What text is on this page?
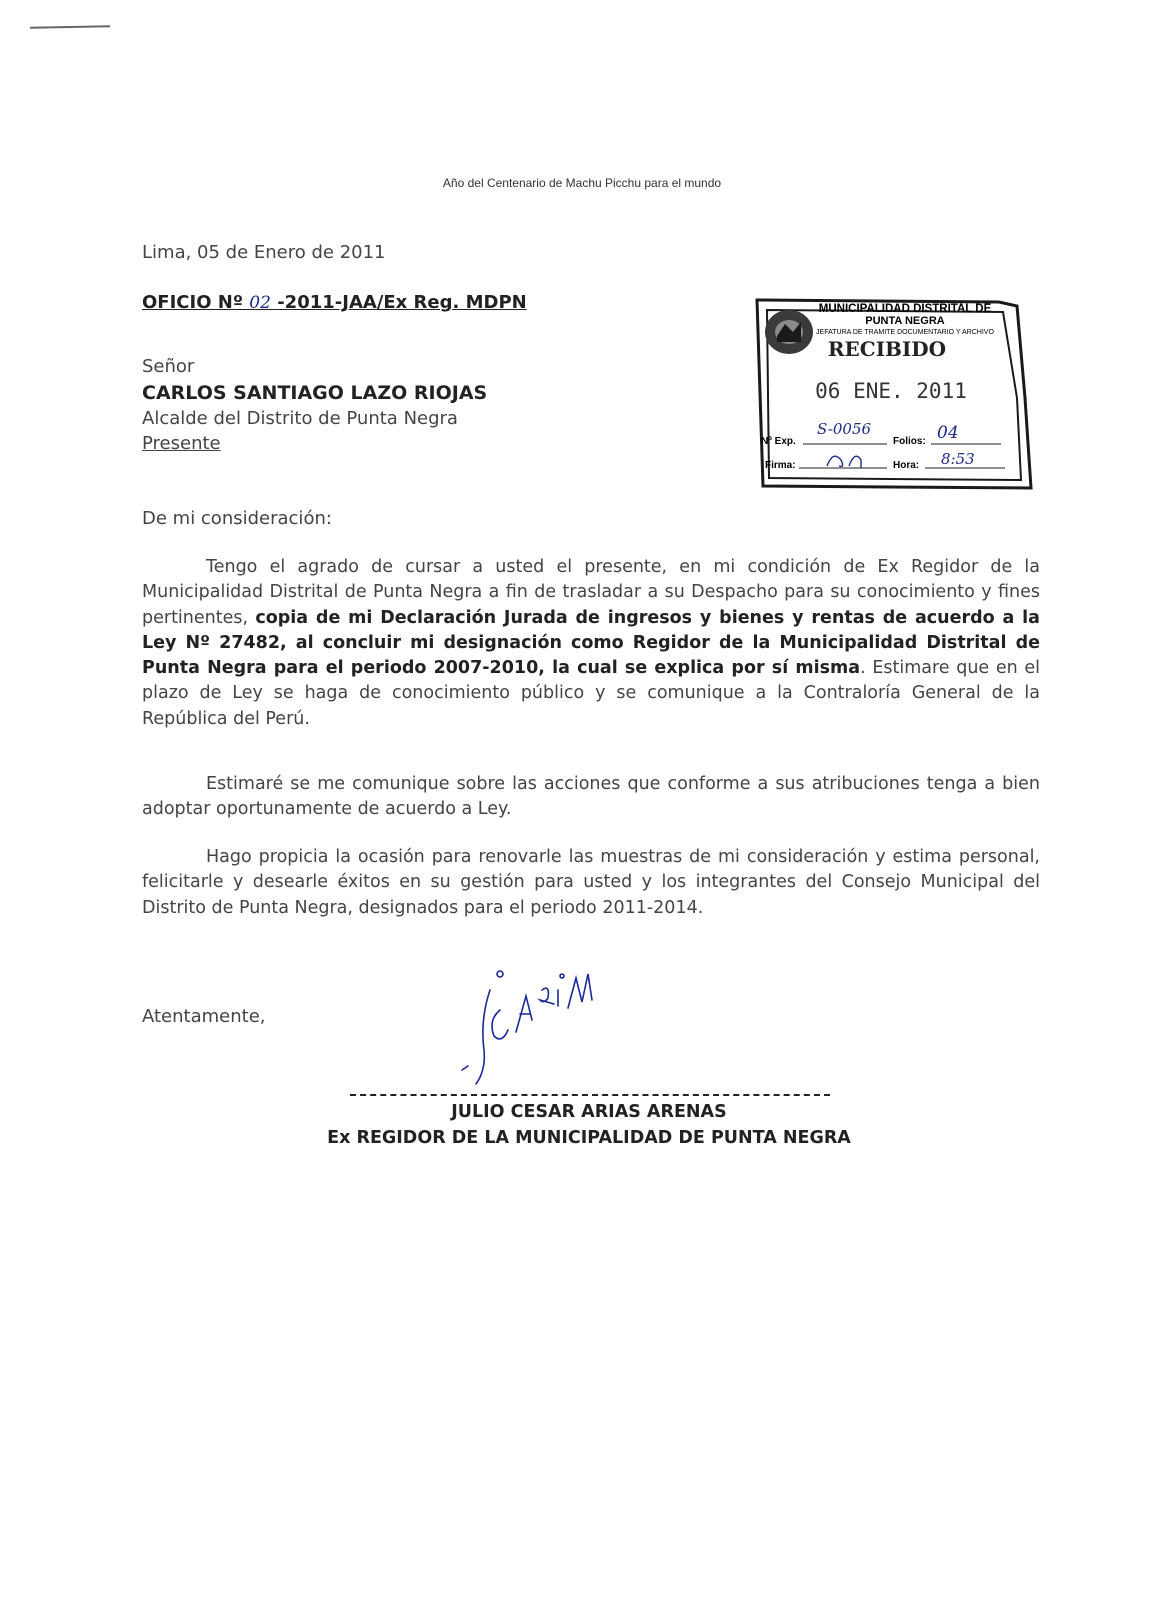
Año del Centenario de Machu Picchu para el mundo
Lima, 05 de Enero de 2011
OFICIO Nº 02 -2011-JAA/Ex Reg. MDPN	MUNICIPALIDAD DISTRITAL DE
PUNTA NEGRA
JEFATURA DE TRAMITE DOCUMENTARIO Y ARCHIVO
RECIBIDO
06 ENE. 2011
Nº Exp.
S-0056
Folios: 04
Firma:	Hora: 8:53
Señor
CARLOS SANTIAGO LAZO RIOJAS
Alcalde del Distrito de Punta Negra
Presente
De mi consideración:
Tengo el agrado de cursar a usted el presente, en mi condición de Ex Regidor de la Municipalidad Distrital de Punta Negra a fin de trasladar a su Despacho para su conocimiento y fines pertinentes, copia de mi Declaración Jurada de ingresos y bienes y rentas de acuerdo a la Ley Nº 27482, al concluir mi designación como Regidor de la Municipalidad Distrital de Punta Negra para el periodo 2007-2010, la cual se explica por sí misma. Estimare que en el plazo de Ley se haga de conocimiento público y se comunique a la Contraloría General de la República del Perú.
Estimaré se me comunique sobre las acciones que conforme a sus atribuciones tenga a bien adoptar oportunamente de acuerdo a Ley.
Hago propicia la ocasión para renovarle las muestras de mi consideración y estima personal, felicitarle y desearle éxitos en su gestión para usted y los integrantes del Consejo Municipal del Distrito de Punta Negra, designados para el periodo 2011-2014.
Atentamente,
JULIO CESAR ARIAS ARENAS
Ex REGIDOR DE LA MUNICIPALIDAD DE PUNTA NEGRA
